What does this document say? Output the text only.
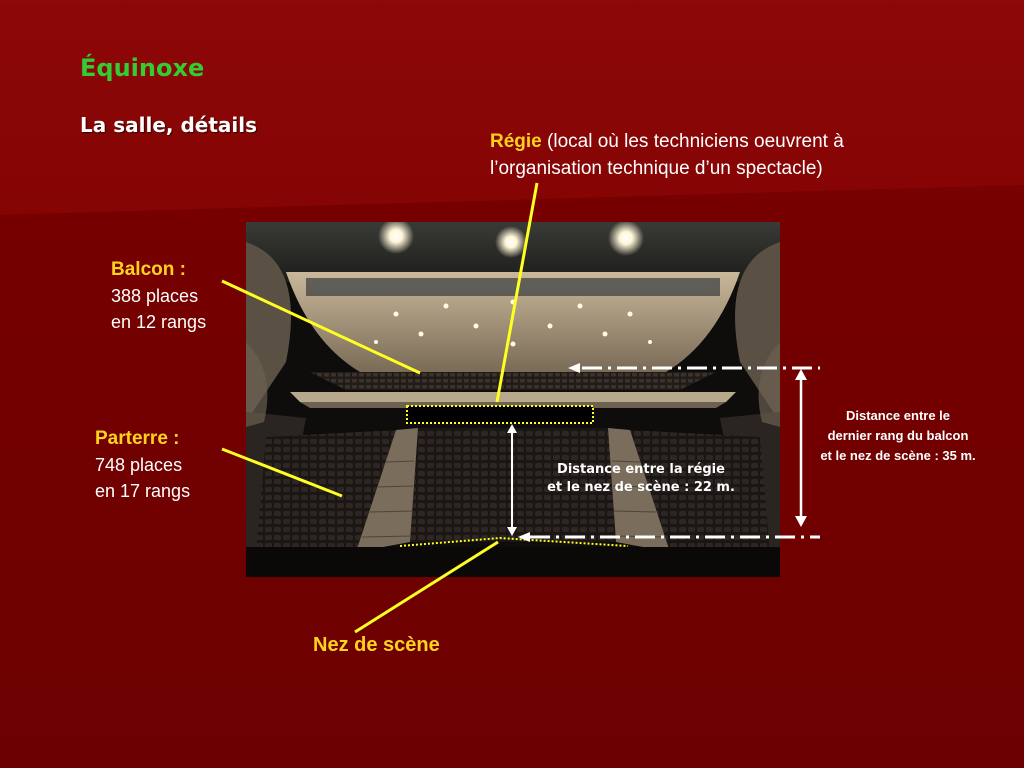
Équinoxe
La salle, détails
Régie (local où les techniciens oeuvrent à l’organisation technique d’un spectacle)
Balcon :
388 places
en 12 rangs
Parterre :
748 places
en 17 rangs
Nez de scène
Distance entre la régie
et le nez de scène : 22 m.
Distance entre le
dernier rang du balcon
et le nez de scène : 35 m.
